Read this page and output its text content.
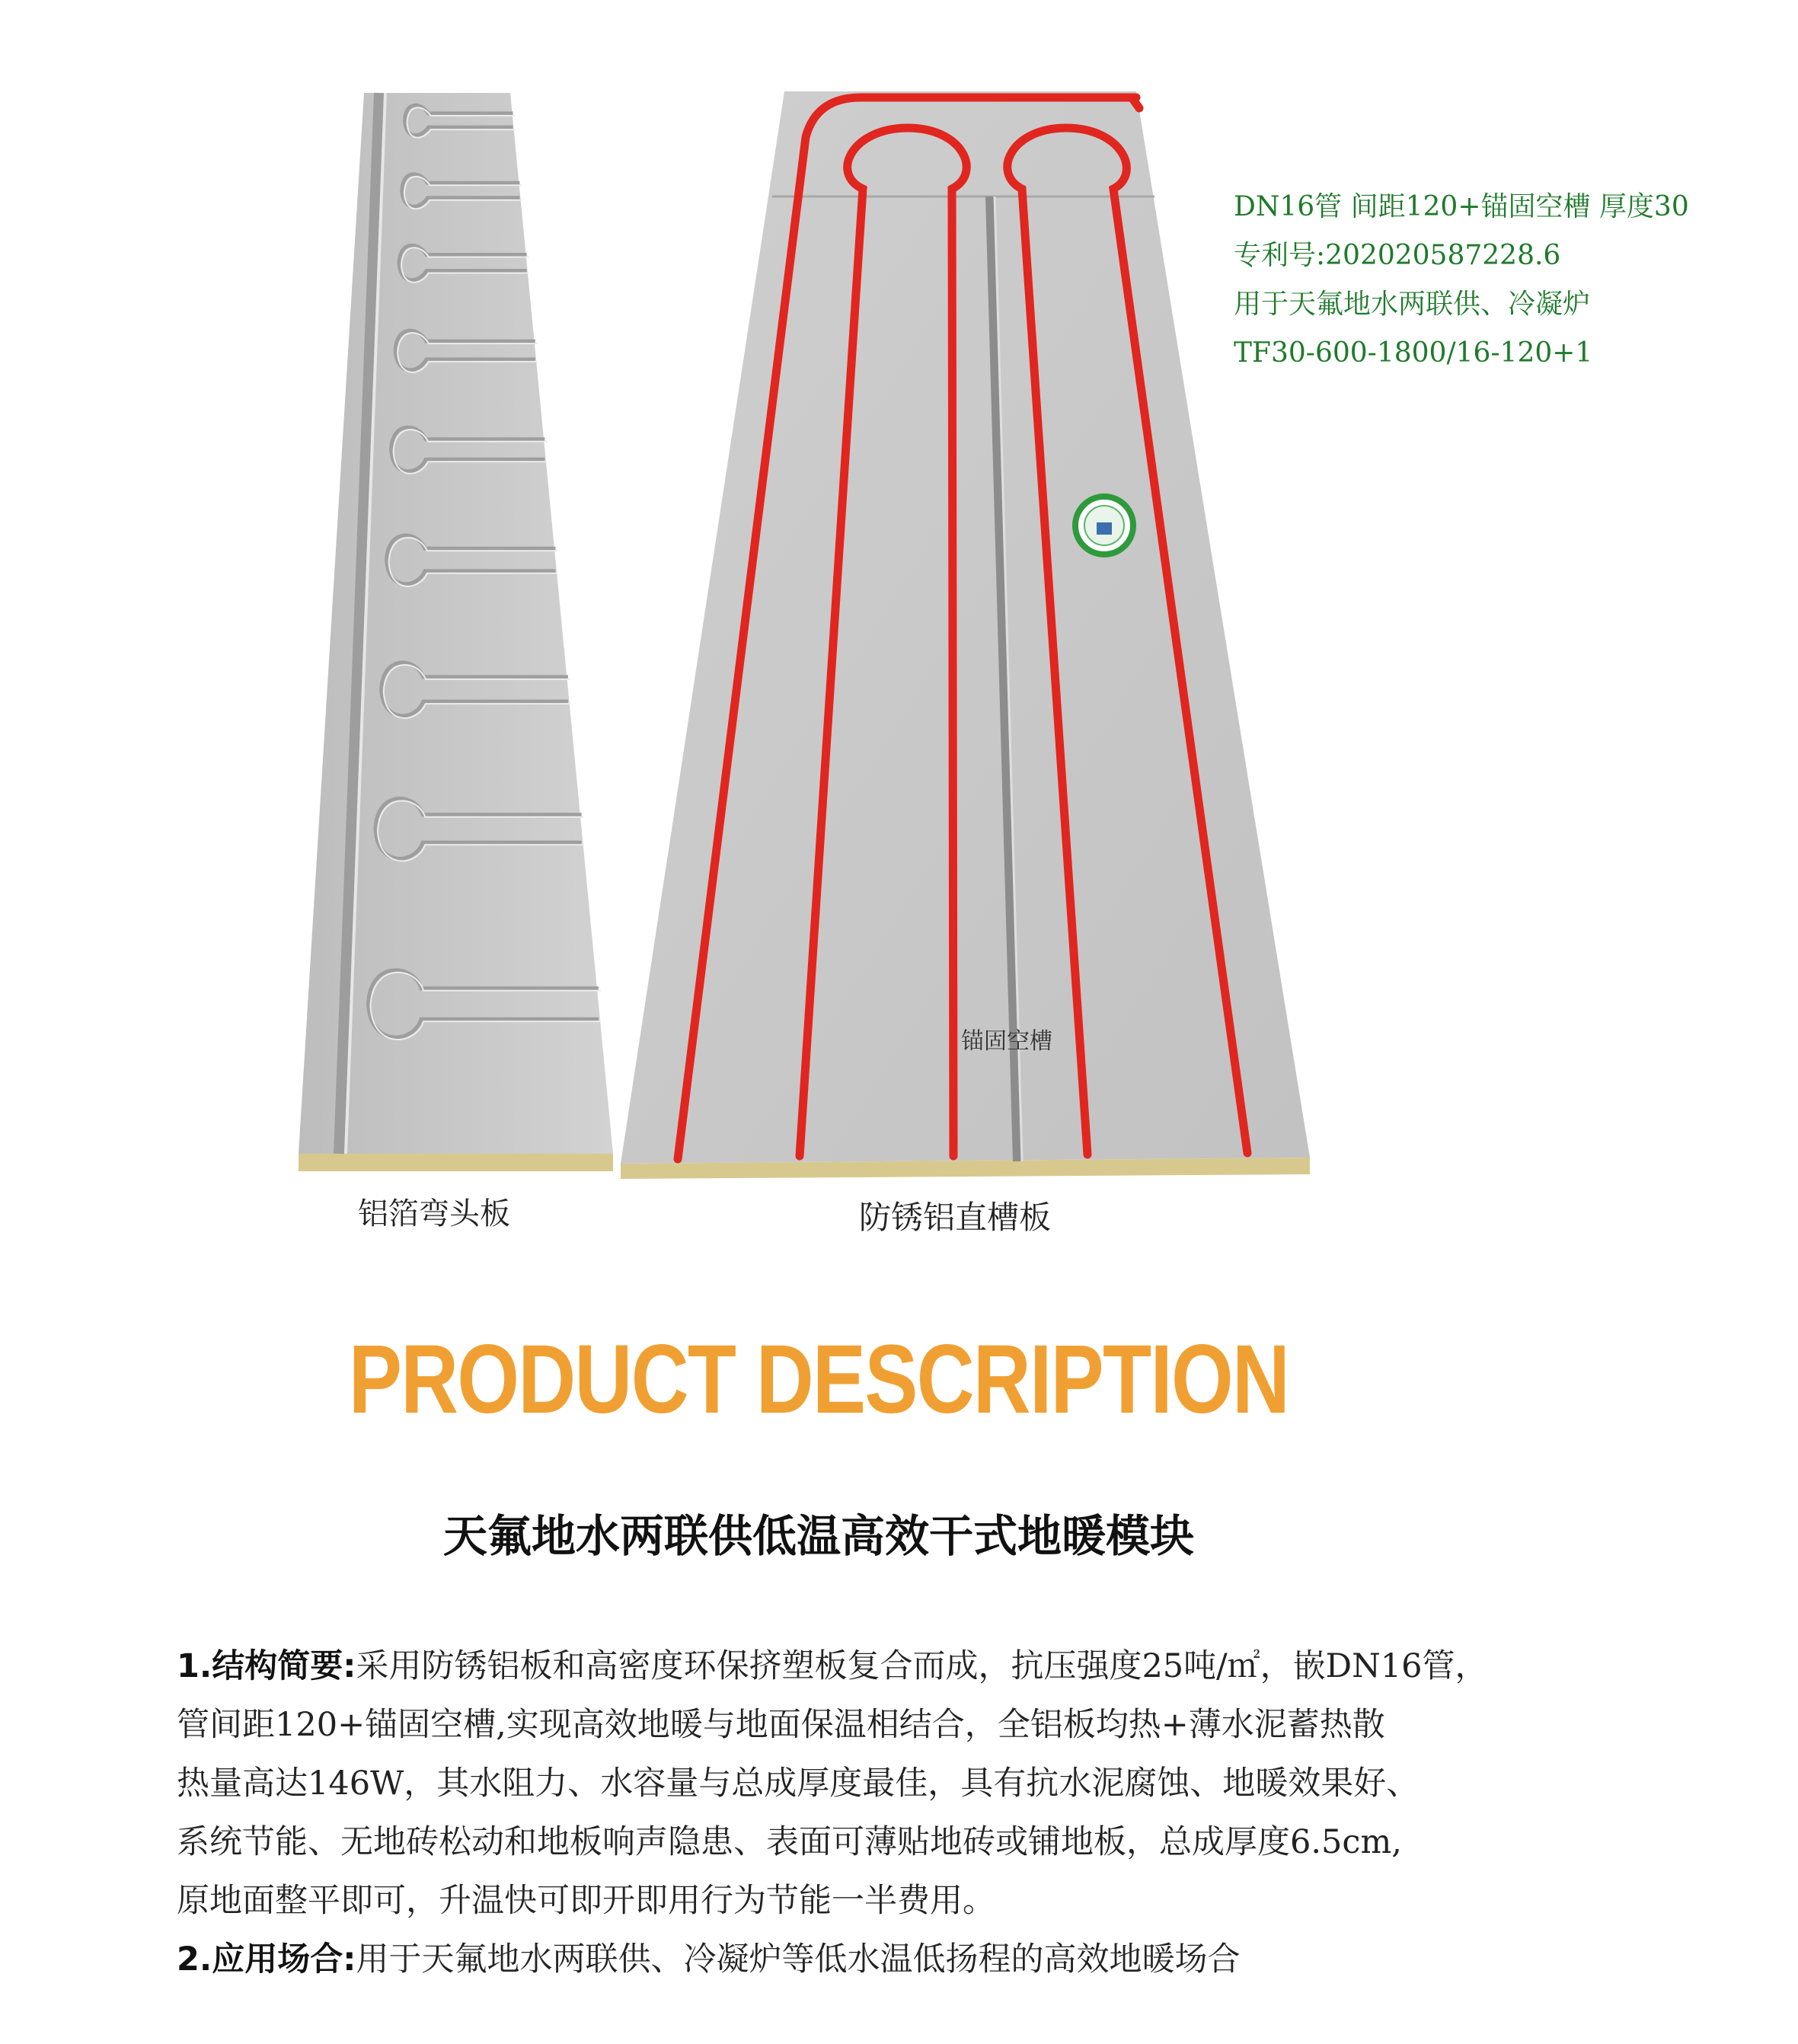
DN16管 间距120+锚固空槽 厚度30
专利号:202020587228.6
用于天氟地水两联供、冷凝炉
TF30-600-1800/16-120+1
锚固空槽
铝箔弯头板	防锈铝直槽板
PRODUCT DESCRIPTION
天氟地水两联供低温高效干式地暖模块
1.结构简要:采用防锈铝板和高密度环保挤塑板复合而成，抗压强度25吨/㎡，嵌DN16管，
管间距120+锚固空槽,实现高效地暖与地面保温相结合，全铝板均热+薄水泥蓄热散
热量高达146W，其水阻力、水容量与总成厚度最佳，具有抗水泥腐蚀、地暖效果好、
系统节能、无地砖松动和地板响声隐患、表面可薄贴地砖或铺地板，总成厚度6.5cm,
原地面整平即可，升温快可即开即用行为节能一半费用。
2.应用场合:用于天氟地水两联供、冷凝炉等低水温低扬程的高效地暖场合
